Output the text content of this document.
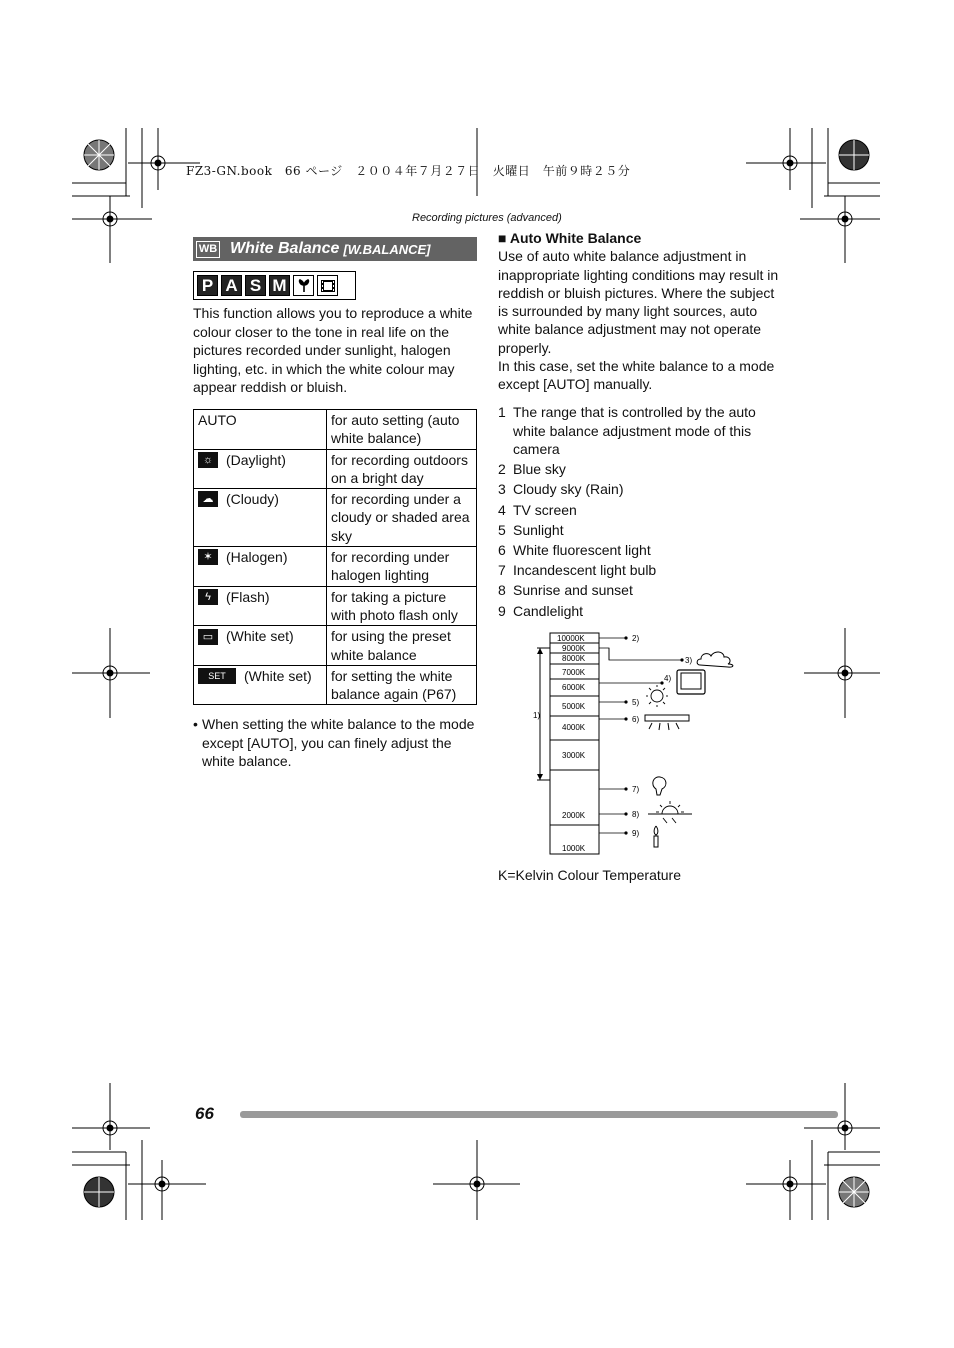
FZ3-GN.book　66 ページ　２００４年７月２７日　火曜日　午前９時２５分
Recording pictures (advanced)
WB White Balance [W.BALANCE]
P A S M
This function allows you to reproduce a white colour closer to the tone in real life on the pictures recorded under sunlight, halogen lighting, etc. in which the white colour may appear reddish or bluish.
AUTO	for auto setting (auto white balance)
☼ (Daylight)	for recording outdoors on a bright day
☁ (Cloudy)	for recording under a cloudy or shaded area sky
✶ (Halogen)	for recording under halogen lighting
ϟ (Flash)	for taking a picture with photo flash only
▭ (White set)	for using the preset white balance
SET (White set)	for setting the white balance again (P67)
• When setting the white balance to the mode except [AUTO], you can finely adjust the white balance.
■ Auto White Balance
Use of auto white balance adjustment in inappropriate lighting conditions may result in reddish or bluish pictures. Where the subject is surrounded by many light sources, auto white balance adjustment may not operate properly.
In this case, set the white balance to a mode except [AUTO] manually.
1 The range that is controlled by the auto white balance adjustment mode of this camera
2 Blue sky
3 Cloudy sky (Rain)
4 TV screen
5 Sunlight
6 White fluorescent light
7 Incandescent light bulb
8 Sunrise and sunset
9 Candlelight
10000K
9000K
8000K
7000K
6000K
5000K
4000K
3000K
2000K
1000K
1)
2)
3)
4)
5)
6)
7)
8)
9)
K=Kelvin Colour Temperature
66
